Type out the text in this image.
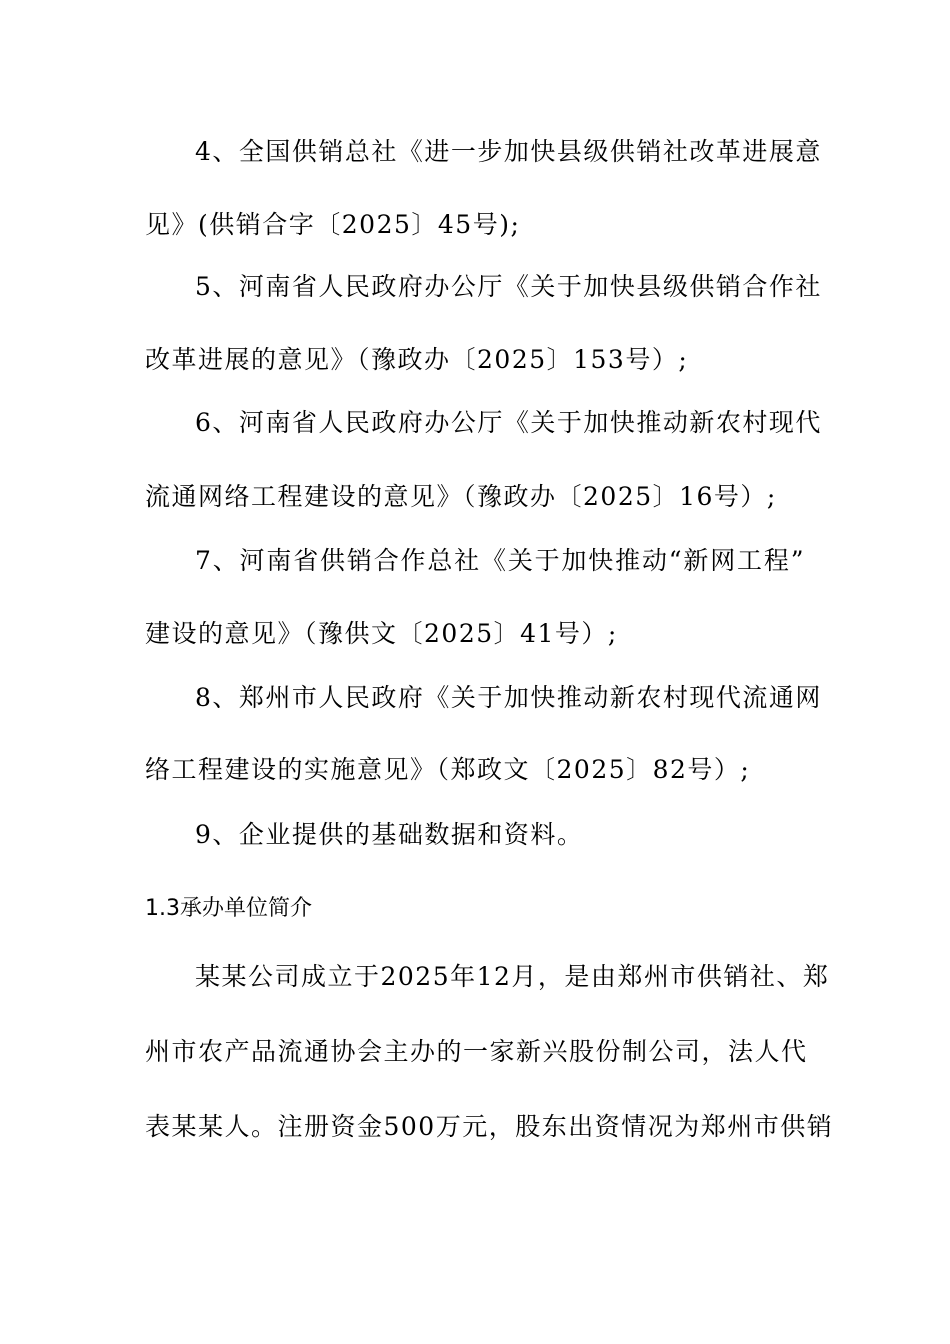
4、全国供销总社《进一步加快县级供销社改革进展意
见》(供销合字〔2025〕45号);
5、河南省人民政府办公厅《关于加快县级供销合作社
改革进展的意见》（豫政办〔2025〕153号）;
6、河南省人民政府办公厅《关于加快推动新农村现代
流通网络工程建设的意见》（豫政办〔2025〕16号）;
7、河南省供销合作总社《关于加快推动“新网工程”
建设的意见》（豫供文〔2025〕41号）;
8、郑州市人民政府《关于加快推动新农村现代流通网
络工程建设的实施意见》（郑政文〔2025〕82号）;
9、企业提供的基础数据和资料。
1.3承办单位简介
某某公司成立于2025年12月，是由郑州市供销社、郑
州市农产品流通协会主办的一家新兴股份制公司，法人代
表某某人。注册资金500万元，股东出资情况为郑州市供销
